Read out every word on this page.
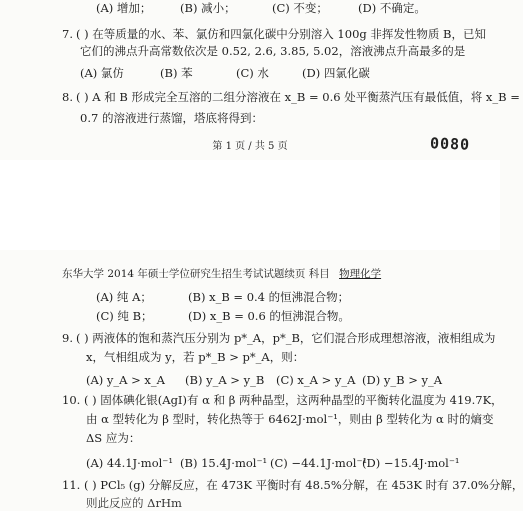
(A) 增加； (B) 减小；	(C) 不变；	(D) 不确定。
7. ( ) 在等质量的水、苯、氯仿和四氯化碳中分别溶入 100g 非挥发性物质 B，已知
它们的沸点升高常数依次是 0.52, 2.6, 3.85, 5.02，溶液沸点升高最多的是
(A) 氯仿	(B) 苯	(C) 水	(D) 四氯化碳
8. ( ) A 和 B 形成完全互溶的二组分溶液在 x_B = 0.6 处平衡蒸汽压有最低值，将 x_B =
0.7 的溶液进行蒸馏，塔底将得到：
第 1 页 / 共 5 页	0080
东华大学 2014 年硕士学位研究生招生考试试题续页 科目 物理化学
(A) 纯 A；	(B) x_B = 0.4 的恒沸混合物；
(C) 纯 B；	(D) x_B = 0.6 的恒沸混合物。
9. ( ) 两液体的饱和蒸汽压分别为 p*_A，p*_B，它们混合形成理想溶液，液相组成为
x，气相组成为 y，若 p*_B > p*_A，则：
(A) y_A > x_A (B) y_A > y_B (C) x_A > y_A (D) y_B > y_A
10. ( ) 固体碘化银(AgI)有 α 和 β 两种晶型，这两种晶型的平衡转化温度为 419.7K，
由 α 型转化为 β 型时，转化热等于 6462J·mol⁻¹，则由 β 型转化为 α 时的熵变
ΔS 应为：
(A) 44.1J·mol⁻¹ (B) 15.4J·mol⁻¹ (C) −44.1J·mol⁻¹
(D) −15.4J·mol⁻¹
11. ( ) PCl₅ (g) 分解反应，在 473K 平衡时有 48.5%分解，在 453K 时有 37.0%分解，
则此反应的 ΔrHm
